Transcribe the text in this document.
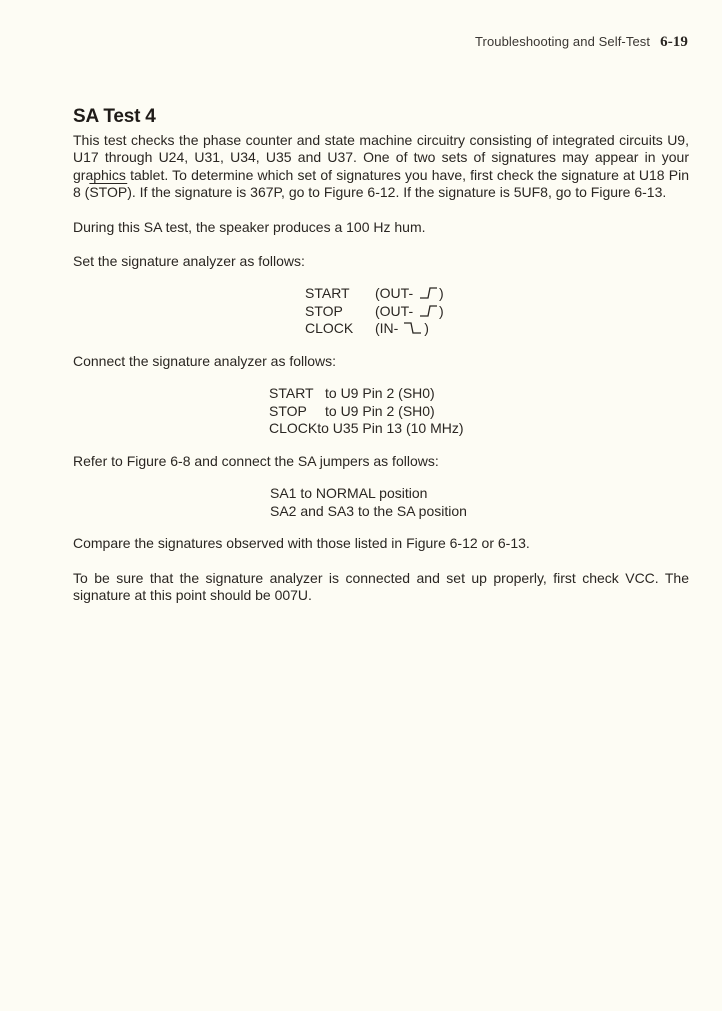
Troubleshooting and Self-Test 6-19
SA Test 4

This test checks the phase counter and state machine circuitry consisting of integrated circuits U9, U17 through U24, U31, U34, U35 and U37. One of two sets of signatures may appear in your graphics tablet. To determine which set of signatures you have, first check the signature at U18 Pin 8 (STOP). If the signature is 367P, go to Figure 6-12. If the signature is 5UF8, go to Figure 6-13.

During this SA test, the speaker produces a 100 Hz hum.

Set the signature analyzer as follows:

START (OUT- )
STOP (OUT- )
CLOCK (IN- )

Connect the signature analyzer as follows:

START to U9 Pin 2 (SH0)
STOP to U9 Pin 2 (SH0)
CLOCKto U35 Pin 13 (10 MHz)

Refer to Figure 6-8 and connect the SA jumpers as follows:

SA1 to NORMAL position
SA2 and SA3 to the SA position

Compare the signatures observed with those listed in Figure 6-12 or 6-13.

To be sure that the signature analyzer is connected and set up properly, first check VCC. The signature at this point should be 007U.
